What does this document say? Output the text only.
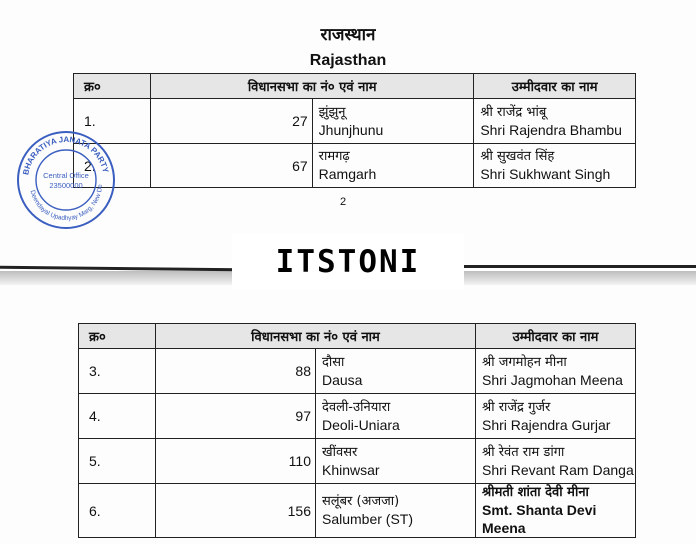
राजस्थान
Rajasthan
क्र०	विधानसभा का नं० एवं नाम		उम्मीदवार का नाम
1.	27	झुंझुनू
Jhunjhunu	श्री राजेंद्र भांबू
Shri Rajendra Bhambu

2.	67	रामगढ़
Ramgarh	श्री सुखवंत सिंह
Shri Sukhwant Singh
2
BHARATIYA JANATA PARTY
Deendayal Upadhyay Marg, New De
Central Office
23500000
क्र०	विधानसभा का नं० एवं नाम		उम्मीदवार का नाम
3.	88	दौसा
Dausa	श्री जगमोहन मीना
Shri Jagmohan Meena

4.	97	देवली-उनियारा
Deoli-Uniara	श्री राजेंद्र गुर्जर
Shri Rajendra Gurjar

5.	110	खींवसर
Khinwsar	श्री रेवंत राम डांगा
Shri Revant Ram Danga

6.	156	सलूंबर (अजजा)
Salumber (ST)	श्रीमती शांता देवी मीना
Smt. Shanta Devi Meena
ITSTONI
